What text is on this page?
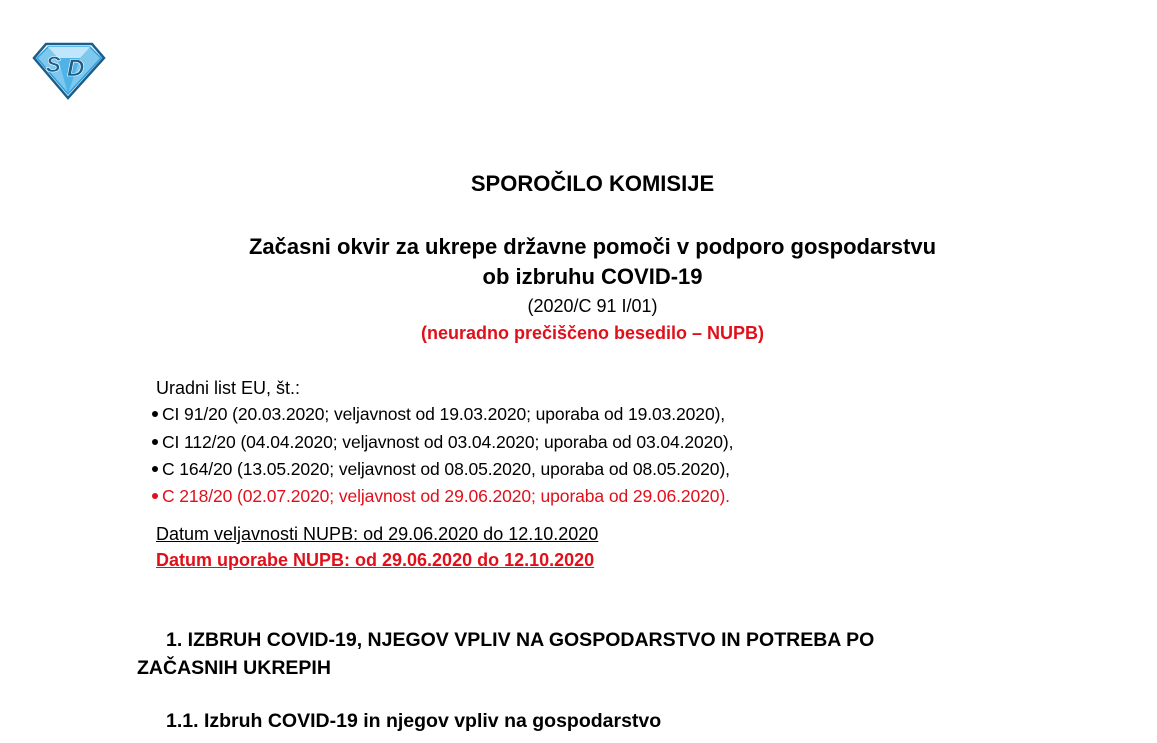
S D
SPOROČILO KOMISIJE
Začasni okvir za ukrepe državne pomoči v podporo gospodarstvu
ob izbruhu COVID-19
(2020/C 91 I/01)
(neuradno prečiščeno besedilo – NUPB)
Uradni list EU, št.:
CI 91/20 (20.03.2020; veljavnost od 19.03.2020; uporaba od 19.03.2020),
CI 112/20 (04.04.2020; veljavnost od 03.04.2020; uporaba od 03.04.2020),
C 164/20 (13.05.2020; veljavnost od 08.05.2020, uporaba od 08.05.2020),
C 218/20 (02.07.2020; veljavnost od 29.06.2020; uporaba od 29.06.2020).
Datum veljavnosti NUPB: od 29.06.2020 do 12.10.2020
Datum uporabe NUPB: od 29.06.2020 do 12.10.2020
1. IZBRUH COVID-19, NJEGOV VPLIV NA GOSPODARSTVO IN POTREBA PO
ZAČASNIH UKREPIH
1.1. Izbruh COVID-19 in njegov vpliv na gospodarstvo
